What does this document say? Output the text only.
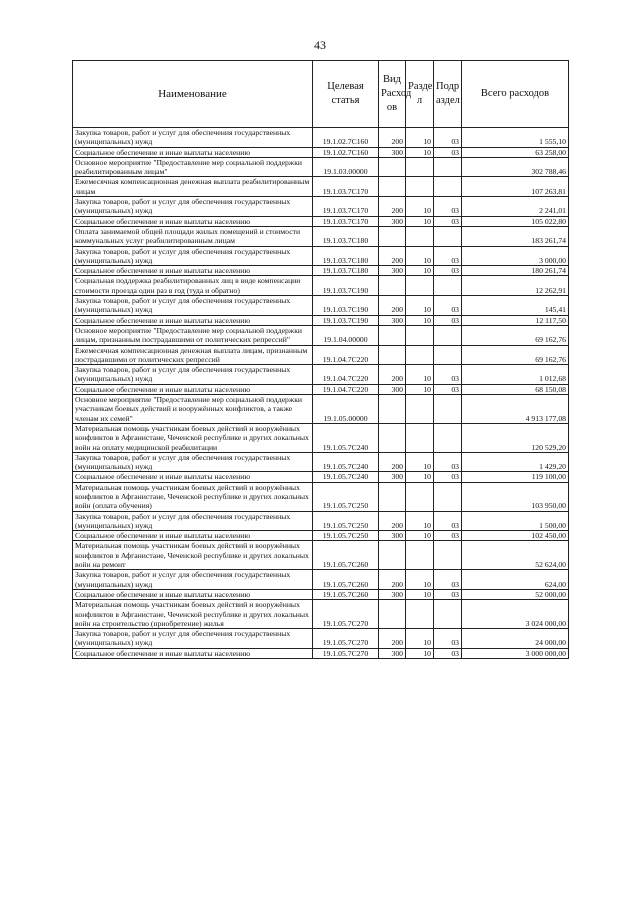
43
Наименование	Целевая статья	Вид Расход ов	Разде л	Подр аздел	Всего расходов
Закупка товаров, работ и услуг для обеспечения государственных (муниципальных) нужд	19.1.02.7С160	200	10	03	1 555,10
Социальное обеспечение и иные выплаты населению	19.1.02.7С160	300	10	03	63 258,00
Основное мероприятие "Предоставление мер социальной поддержки реабилитированным лицам"	19.1.03.00000				302 788,46
Ежемесячная компенсационная денежная выплата реабилитированным лицам	19.1.03.7С170				107 263,81
Закупка товаров, работ и услуг для обеспечения государственных (муниципальных) нужд	19.1.03.7С170	200	10	03	2 241,01
Социальное обеспечение и иные выплаты населению	19.1.03.7С170	300	10	03	105 022,80
Оплата занимаемой общей площади жилых помещений и стоимости коммунальных услуг реабилитированным лицам	19.1.03.7С180				183 261,74
Закупка товаров, работ и услуг для обеспечения государственных (муниципальных) нужд	19.1.03.7С180	200	10	03	3 000,00
Социальное обеспечение и иные выплаты населению	19.1.03.7С180	300	10	03	180 261,74
Социальная поддержка реабилитированных лиц в виде компенсации стоимости проезда один раз в год (туда и обратно)	19.1.03.7С190				12 262,91
Закупка товаров, работ и услуг для обеспечения государственных (муниципальных) нужд	19.1.03.7С190	200	10	03	145,41
Социальное обеспечение и иные выплаты населению	19.1.03.7С190	300	10	03	12 117,50
Основное мероприятие "Предоставление мер социальной поддержки лицам, признанным пострадавшими от политических репрессий"	19.1.04.00000				69 162,76
Ежемесячная компенсационная денежная выплата лицам, признанным пострадавшими от политических репрессий	19.1.04.7С220				69 162,76
Закупка товаров, работ и услуг для обеспечения государственных (муниципальных) нужд	19.1.04.7С220	200	10	03	1 012,68
Социальное обеспечение и иные выплаты населению	19.1.04.7С220	300	10	03	68 150,08
Основное мероприятие "Предоставление мер социальной поддержки участникам боевых действий и вооружённых конфликтов, а также членам их семей"	19.1.05.00000				4 913 177,08
Материальная помощь участникам боевых действий и вооружённых конфликтов в Афганистане, Чеченской республике и других локальных войн на оплату медицинской реабилитации	19.1.05.7С240				120 529,20
Закупка товаров, работ и услуг для обеспечения государственных (муниципальных) нужд	19.1.05.7С240	200	10	03	1 429,20
Социальное обеспечение и иные выплаты населению	19.1.05.7С240	300	10	03	119 100,00
Материальная помощь участникам боевых действий и вооружённых конфликтов в Афганистане, Чеченской республике и других локальных войн (оплата обучения)	19.1.05.7С250				103 950,00
Закупка товаров, работ и услуг для обеспечения государственных (муниципальных) нужд	19.1.05.7С250	200	10	03	1 500,00
Социальное обеспечение и иные выплаты населению	19.1.05.7С250	300	10	03	102 450,00
Материальная помощь участникам боевых действий и вооружённых конфликтов в Афганистане, Чеченской республике и других локальных войн на ремонт	19.1.05.7С260				52 624,00
Закупка товаров, работ и услуг для обеспечения государственных (муниципальных) нужд	19.1.05.7С260	200	10	03	624,00
Социальное обеспечение и иные выплаты населению	19.1.05.7С260	300	10	03	52 000,00
Материальная помощь участникам боевых действий и вооружённых конфликтов в Афганистане, Чеченской республике и других локальных войн на строительство (приобретение) жилья	19.1.05.7С270				3 024 000,00
Закупка товаров, работ и услуг для обеспечения государственных (муниципальных) нужд	19.1.05.7С270	200	10	03	24 000,00
Социальное обеспечение и иные выплаты населению	19.1.05.7С270	300	10	03	3 000 000,00
